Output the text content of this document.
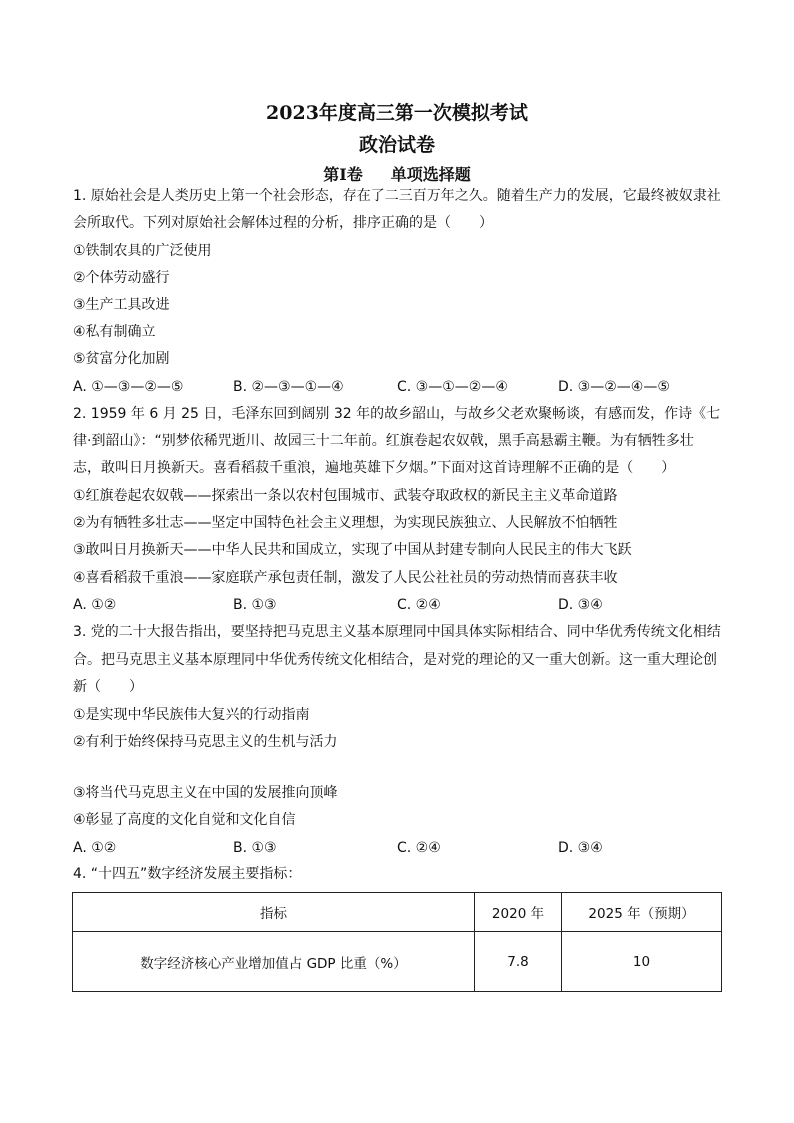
2023年度高三第一次模拟考试
政治试卷
第Ⅰ卷 单项选择题
1. 原始社会是人类历史上第一个社会形态，存在了二三百万年之久。随着生产力的发展，它最终被奴隶社
会所取代。下列对原始社会解体过程的分析，排序正确的是（　　）
①铁制农具的广泛使用
②个体劳动盛行
③生产工具改进
④私有制确立
⑤贫富分化加剧
A. ①—③—②—⑤	B. ②—③—①—④	C. ③—①—②—④	D. ③—②—④—⑤
2. 1959 年 6 月 25 日，毛泽东回到阔别 32 年的故乡韶山，与故乡父老欢聚畅谈，有感而发，作诗《七
律·到韶山》：“别梦依稀咒逝川、故园三十二年前。红旗卷起农奴戟，黑手高悬霸主鞭。为有牺牲多壮
志，敢叫日月换新天。喜看稻菽千重浪，遍地英雄下夕烟。”下面对这首诗理解不正确的是（　　）
①红旗卷起农奴戟——探索出一条以农村包围城市、武装夺取政权的新民主主义革命道路
②为有牺牲多壮志——坚定中国特色社会主义理想，为实现民族独立、人民解放不怕牺牲
③敢叫日月换新天——中华人民共和国成立，实现了中国从封建专制向人民民主的伟大飞跃
④喜看稻菽千重浪——家庭联产承包责任制，激发了人民公社社员的劳动热情而喜获丰收
A. ①②	B. ①③	C. ②④	D. ③④
3. 党的二十大报告指出，要坚持把马克思主义基本原理同中国具体实际相结合、同中华优秀传统文化相结
合。把马克思主义基本原理同中华优秀传统文化相结合，是对党的理论的又一重大创新。这一重大理论创
新（　　）
①是实现中华民族伟大复兴的行动指南
②有利于始终保持马克思主义的生机与活力
③将当代马克思主义在中国的发展推向顶峰
④彰显了高度的文化自觉和文化自信
A. ①②	B. ①③	C. ②④	D. ③④
4. “十四五”数字经济发展主要指标：
指标	2020 年	2025 年（预期）
数字经济核心产业增加值占 GDP 比重（%）	7.8	10
